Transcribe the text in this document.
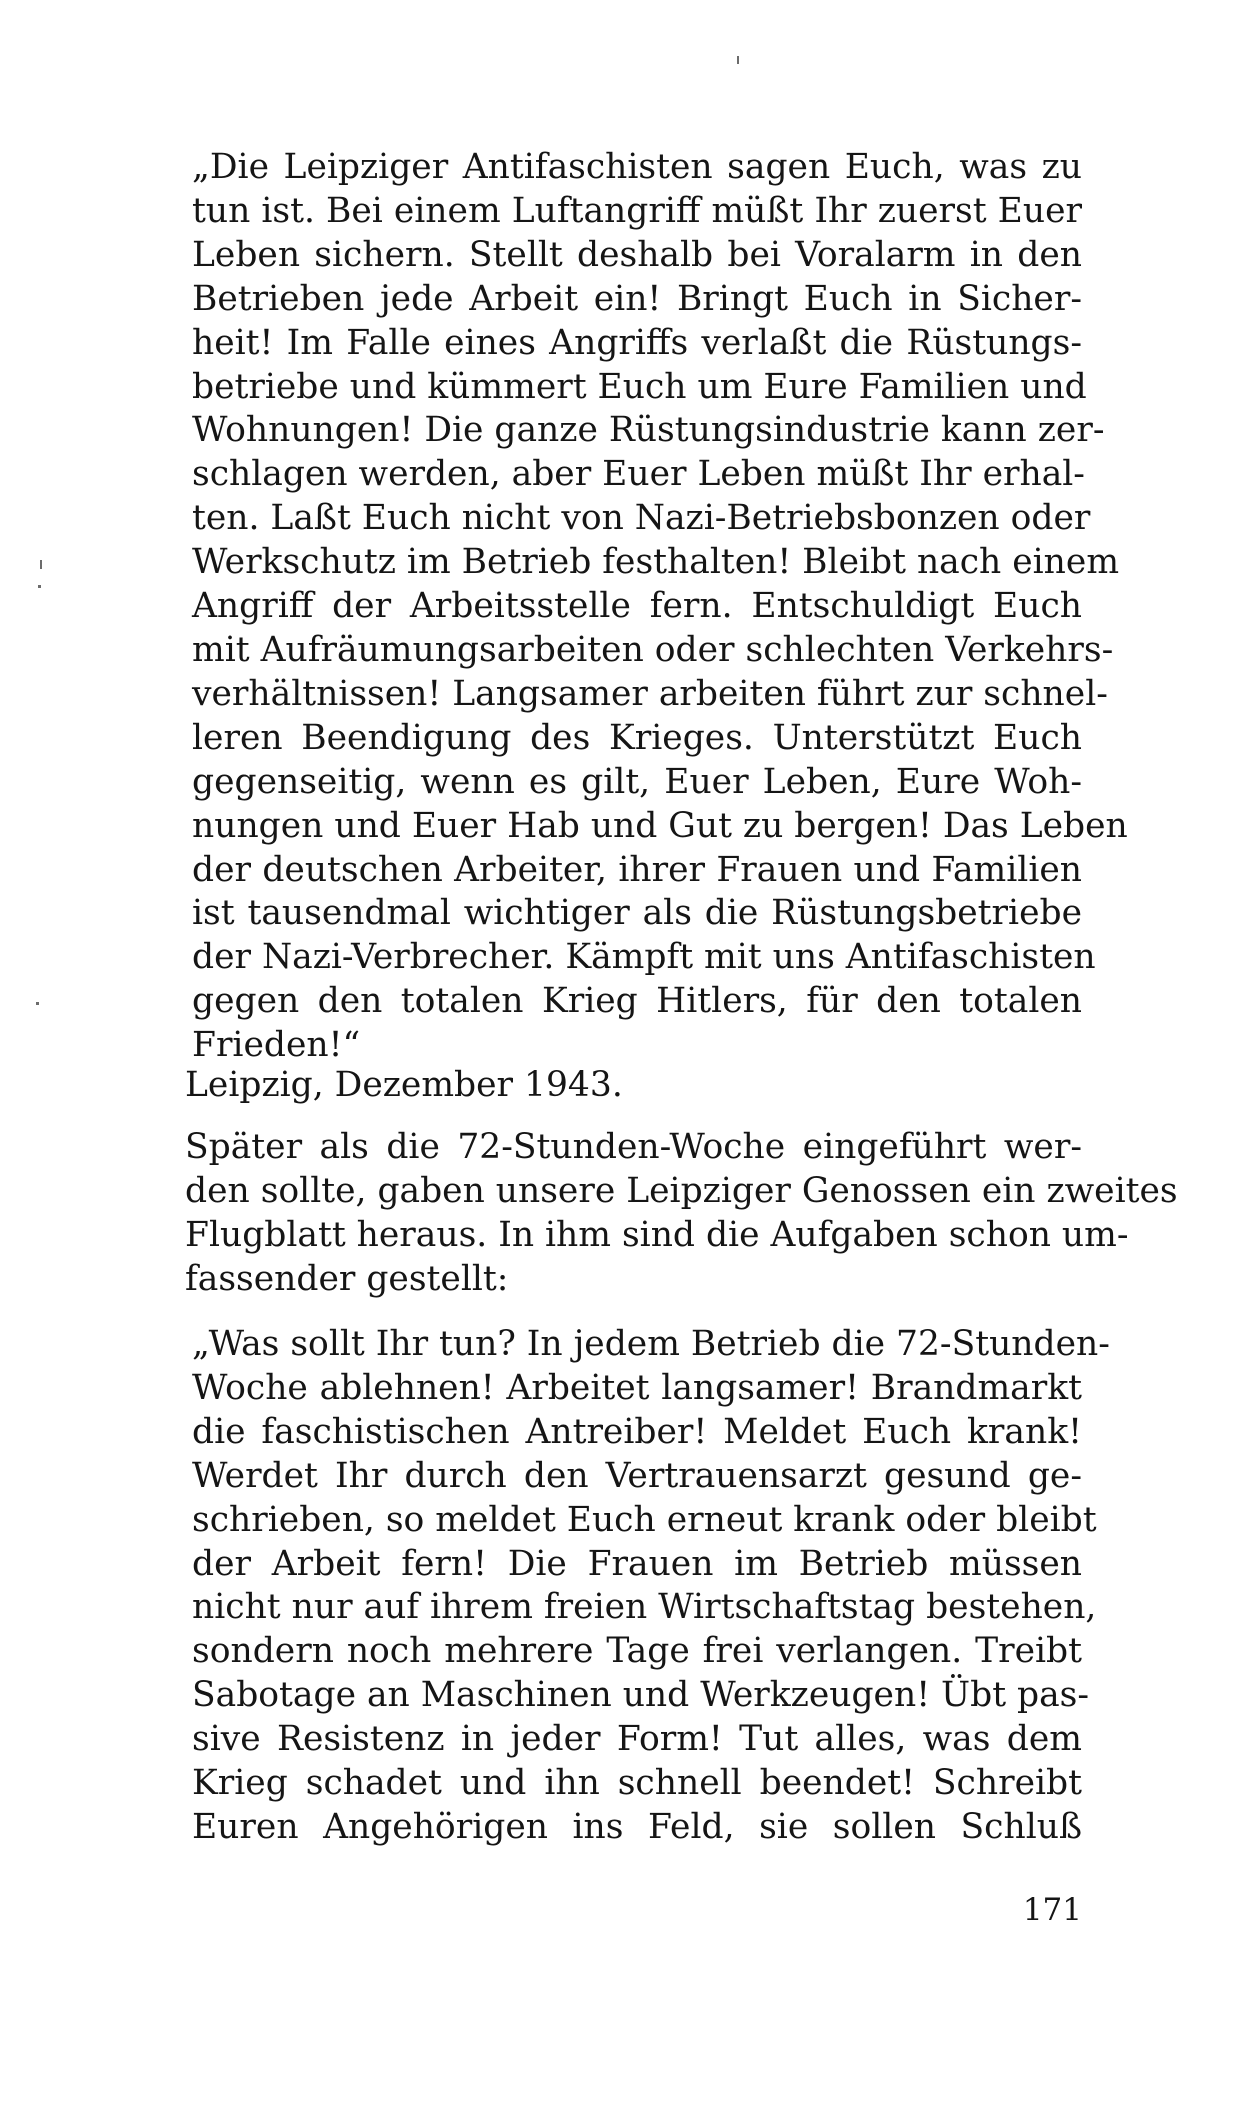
„Die Leipziger Antifaschisten sagen Euch, was zu
tun ist. Bei einem Luftangriff müßt Ihr zuerst Euer
Leben sichern. Stellt deshalb bei Voralarm in den
Betrieben jede Arbeit ein! Bringt Euch in Sicher-
heit! Im Falle eines Angriffs verlaßt die Rüstungs-
betriebe und kümmert Euch um Eure Familien und
Wohnungen! Die ganze Rüstungsindustrie kann zer-
schlagen werden, aber Euer Leben müßt Ihr erhal-
ten. Laßt Euch nicht von Nazi-Betriebsbonzen oder
Werkschutz im Betrieb festhalten! Bleibt nach einem
Angriff der Arbeitsstelle fern. Entschuldigt Euch
mit Aufräumungsarbeiten oder schlechten Verkehrs-
verhältnissen! Langsamer arbeiten führt zur schnel-
leren Beendigung des Krieges. Unterstützt Euch
gegenseitig, wenn es gilt, Euer Leben, Eure Woh-
nungen und Euer Hab und Gut zu bergen! Das Leben
der deutschen Arbeiter, ihrer Frauen und Familien
ist tausendmal wichtiger als die Rüstungsbetriebe
der Nazi-Verbrecher. Kämpft mit uns Antifaschisten
gegen den totalen Krieg Hitlers, für den totalen
Frieden!“
Leipzig, Dezember 1943.
Später als die 72-Stunden-Woche eingeführt wer-
den sollte, gaben unsere Leipziger Genossen ein zweites
Flugblatt heraus. In ihm sind die Aufgaben schon um-
fassender gestellt:
„Was sollt Ihr tun? In jedem Betrieb die 72-Stunden-
Woche ablehnen! Arbeitet langsamer! Brandmarkt
die faschistischen Antreiber! Meldet Euch krank!
Werdet Ihr durch den Vertrauensarzt gesund ge-
schrieben, so meldet Euch erneut krank oder bleibt
der Arbeit fern! Die Frauen im Betrieb müssen
nicht nur auf ihrem freien Wirtschaftstag bestehen,
sondern noch mehrere Tage frei verlangen. Treibt
Sabotage an Maschinen und Werkzeugen! Übt pas-
sive Resistenz in jeder Form! Tut alles, was dem
Krieg schadet und ihn schnell beendet! Schreibt
Euren Angehörigen ins Feld, sie sollen Schluß
171
